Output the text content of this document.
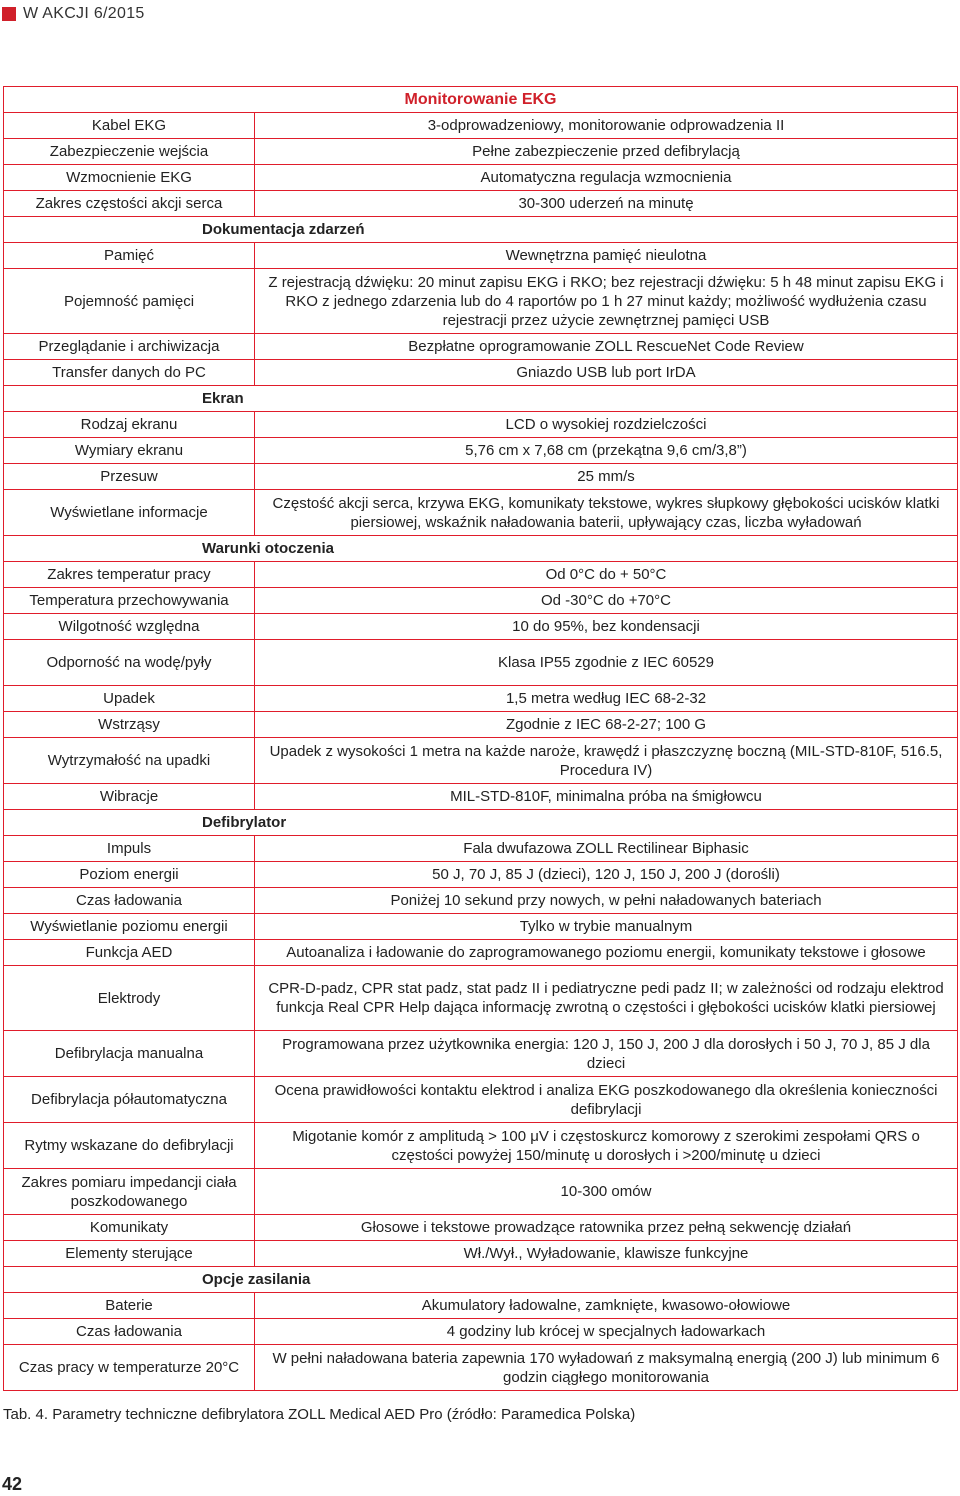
W AKCJI 6/2015
Monitorowanie EKG	
Kabel EKG	3-odprowadzeniowy, monitorowanie odprowadzenia II
Zabezpieczenie wejścia	Pełne zabezpieczenie przed defibrylacją
Wzmocnienie EKG	Automatyczna regulacja wzmocnienia
Zakres częstości akcji serca	30-300 uderzeń na minutę
Dokumentacja zdarzeń	
Pamięć	Wewnętrzna pamięć nieulotna
Pojemność pamięci	Z rejestracją dźwięku: 20 minut zapisu EKG i RKO; bez rejestracji dźwięku: 5 h 48 minut zapisu EKG i RKO z jednego zdarzenia lub do 4 raportów po 1 h 27 minut każdy; możliwość wydłużenia czasu rejestracji przez użycie zewnętrznej pamięci USB
Przeglądanie i archiwizacja	Bezpłatne oprogramowanie ZOLL RescueNet Code Review
Transfer danych do PC	Gniazdo USB lub port IrDA
Ekran	
Rodzaj ekranu	LCD o wysokiej rozdzielczości
Wymiary ekranu	5,76 cm x 7,68 cm (przekątna 9,6 cm/3,8”)
Przesuw	25 mm/s
Wyświetlane informacje	Częstość akcji serca, krzywa EKG, komunikaty tekstowe, wykres słupkowy głębokości ucisków klatki piersiowej, wskaźnik naładowania baterii, upływający czas, liczba wyładowań
Warunki otoczenia	
Zakres temperatur pracy	Od 0°C do + 50°C
Temperatura przechowywania	Od -30°C do +70°C
Wilgotność względna	10 do 95%, bez kondensacji
Odporność na wodę/pyły	Klasa IP55 zgodnie z IEC 60529
Upadek	1,5 metra według IEC 68-2-32
Wstrząsy	Zgodnie z IEC 68-2-27; 100 G
Wytrzymałość na upadki	Upadek z wysokości 1 metra na każde naroże, krawędź i płaszczyznę boczną (MIL-STD-810F, 516.5, Procedura IV)
Wibracje	MIL-STD-810F, minimalna próba na śmigłowcu
Defibrylator	
Impuls	Fala dwufazowa ZOLL Rectilinear Biphasic
Poziom energii	50 J, 70 J, 85 J (dzieci), 120 J, 150 J, 200 J (dorośli)
Czas ładowania	Poniżej 10 sekund przy nowych, w pełni naładowanych bateriach
Wyświetlanie poziomu energii	Tylko w trybie manualnym
Funkcja AED	Autoanaliza i ładowanie do zaprogramowanego poziomu energii, komunikaty tekstowe i głosowe
Elektrody	CPR-D-padz, CPR stat padz, stat padz II i pediatryczne pedi padz II; w zależności od rodzaju elektrod funkcja Real CPR Help dająca informację zwrotną o częstości i głębokości ucisków klatki piersiowej
Defibrylacja manualna	Programowana przez użytkownika energia: 120 J, 150 J, 200 J dla dorosłych i 50 J, 70 J, 85 J dla dzieci
Defibrylacja półautomatyczna	Ocena prawidłowości kontaktu elektrod i analiza EKG poszkodowanego dla określenia konieczności defibrylacji
Rytmy wskazane do defibrylacji	Migotanie komór z amplitudą > 100 μV i częstoskurcz komorowy z szerokimi zespołami QRS o częstości powyżej 150/minutę u dorosłych i >200/minutę u dzieci
Zakres pomiaru impedancji ciała poszkodowanego	10-300 omów
Komunikaty	Głosowe i tekstowe prowadzące ratownika przez pełną sekwencję działań
Elementy sterujące	Wł./Wył., Wyładowanie, klawisze funkcyjne
Opcje zasilania	
Baterie	Akumulatory ładowalne, zamknięte, kwasowo-ołowiowe
Czas ładowania	4 godziny lub krócej w specjalnych ładowarkach
Czas pracy w temperaturze 20°C	W pełni naładowana bateria zapewnia 170 wyładowań z maksymalną energią (200 J) lub minimum 6 godzin ciągłego monitorowania
Tab. 4. Parametry techniczne defibrylatora ZOLL Medical AED Pro (źródło: Paramedica Polska)
42
